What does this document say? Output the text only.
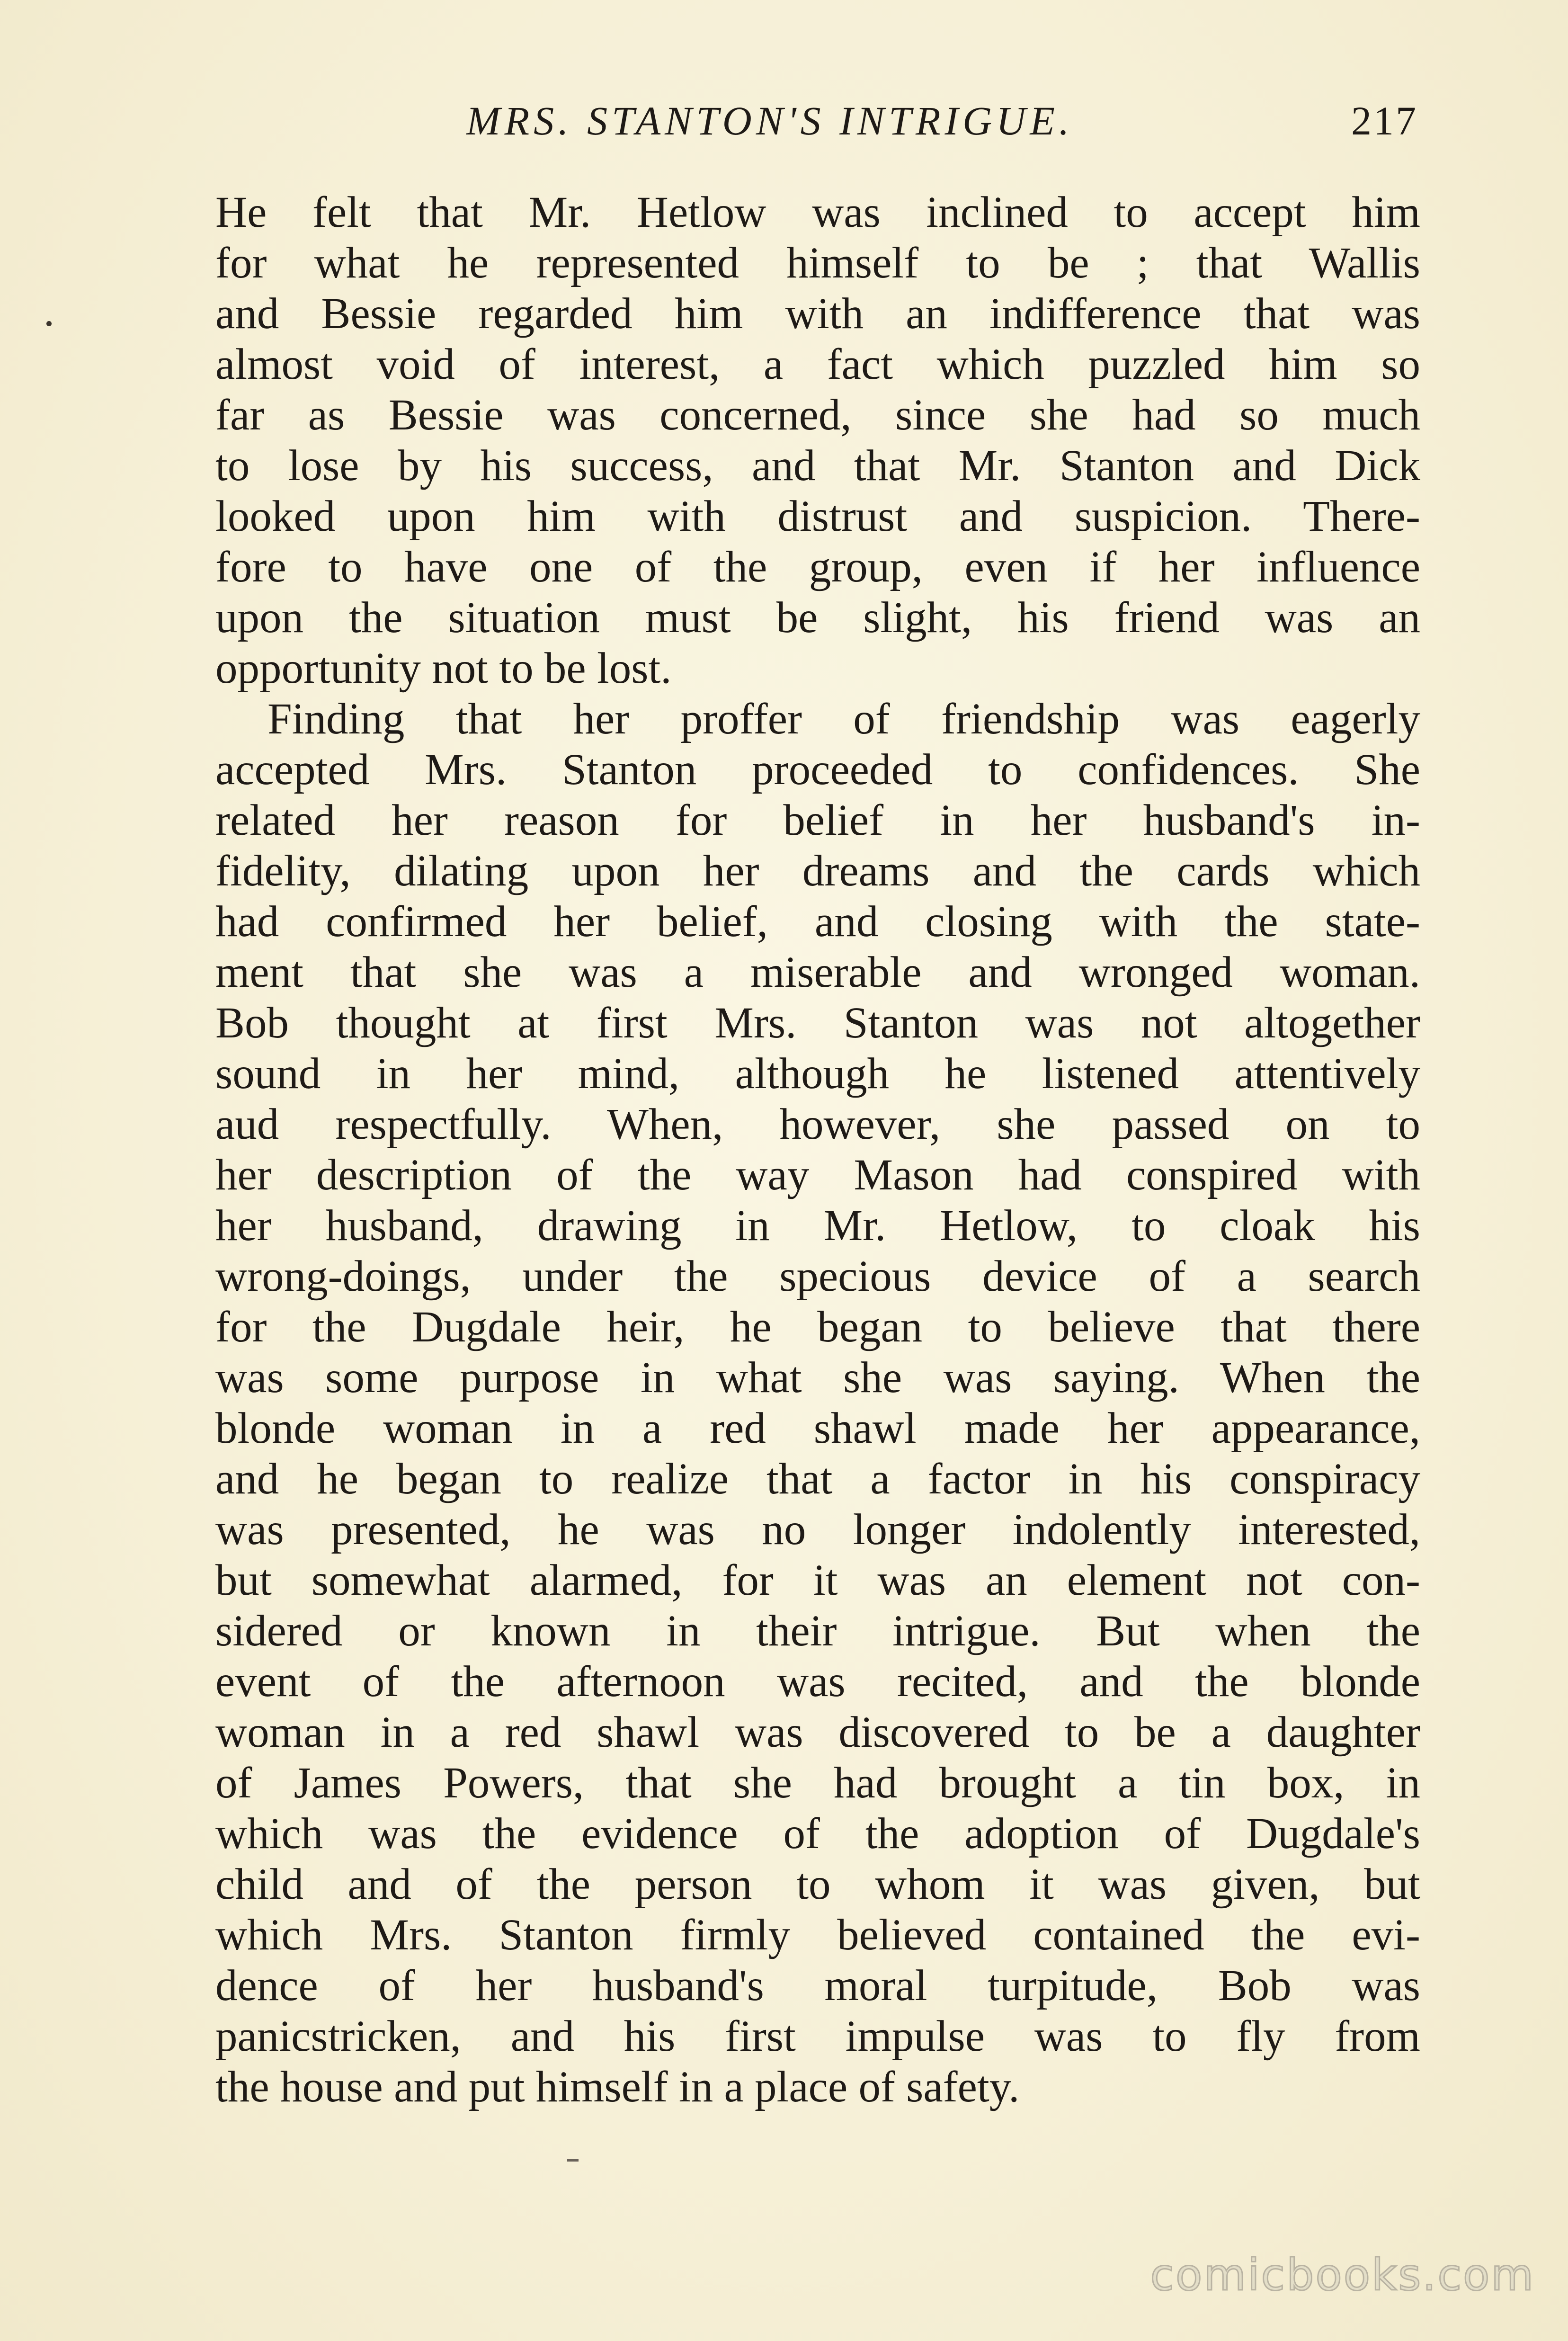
MRS. STANTON'S INTRIGUE.	217
He felt that Mr. Hetlow was inclined to accept him
for what he represented himself to be ; that Wallis
and Bessie regarded him with an indifference that was
almost void of interest, a fact which puzzled him so
far as Bessie was concerned, since she had so much
to lose by his success, and that Mr. Stanton and Dick
looked upon him with distrust and suspicion. There-
fore to have one of the group, even if her influence
upon the situation must be slight, his friend was an
opportunity not to be lost.
Finding that her proffer of friendship was eagerly
accepted Mrs. Stanton proceeded to confidences. She
related her reason for belief in her husband's in-
fidelity, dilating upon her dreams and the cards which
had confirmed her belief, and closing with the state-
ment that she was a miserable and wronged woman.
Bob thought at first Mrs. Stanton was not altogether
sound in her mind, although he listened attentively
aud respectfully. When, however, she passed on to
her description of the way Mason had conspired with
her husband, drawing in Mr. Hetlow, to cloak his
wrong-doings, under the specious device of a search
for the Dugdale heir, he began to believe that there
was some purpose in what she was saying. When the
blonde woman in a red shawl made her appearance,
and he began to realize that a factor in his conspiracy
was presented, he was no longer indolently interested,
but somewhat alarmed, for it was an element not con-
sidered or known in their intrigue. But when the
event of the afternoon was recited, and the blonde
woman in a red shawl was discovered to be a daughter
of James Powers, that she had brought a tin box, in
which was the evidence of the adoption of Dugdale's
child and of the person to whom it was given, but
which Mrs. Stanton firmly believed contained the evi-
dence of her husband's moral turpitude, Bob was
panicstricken, and his first impulse was to fly from
the house and put himself in a place of safety.
comicbooks.com
